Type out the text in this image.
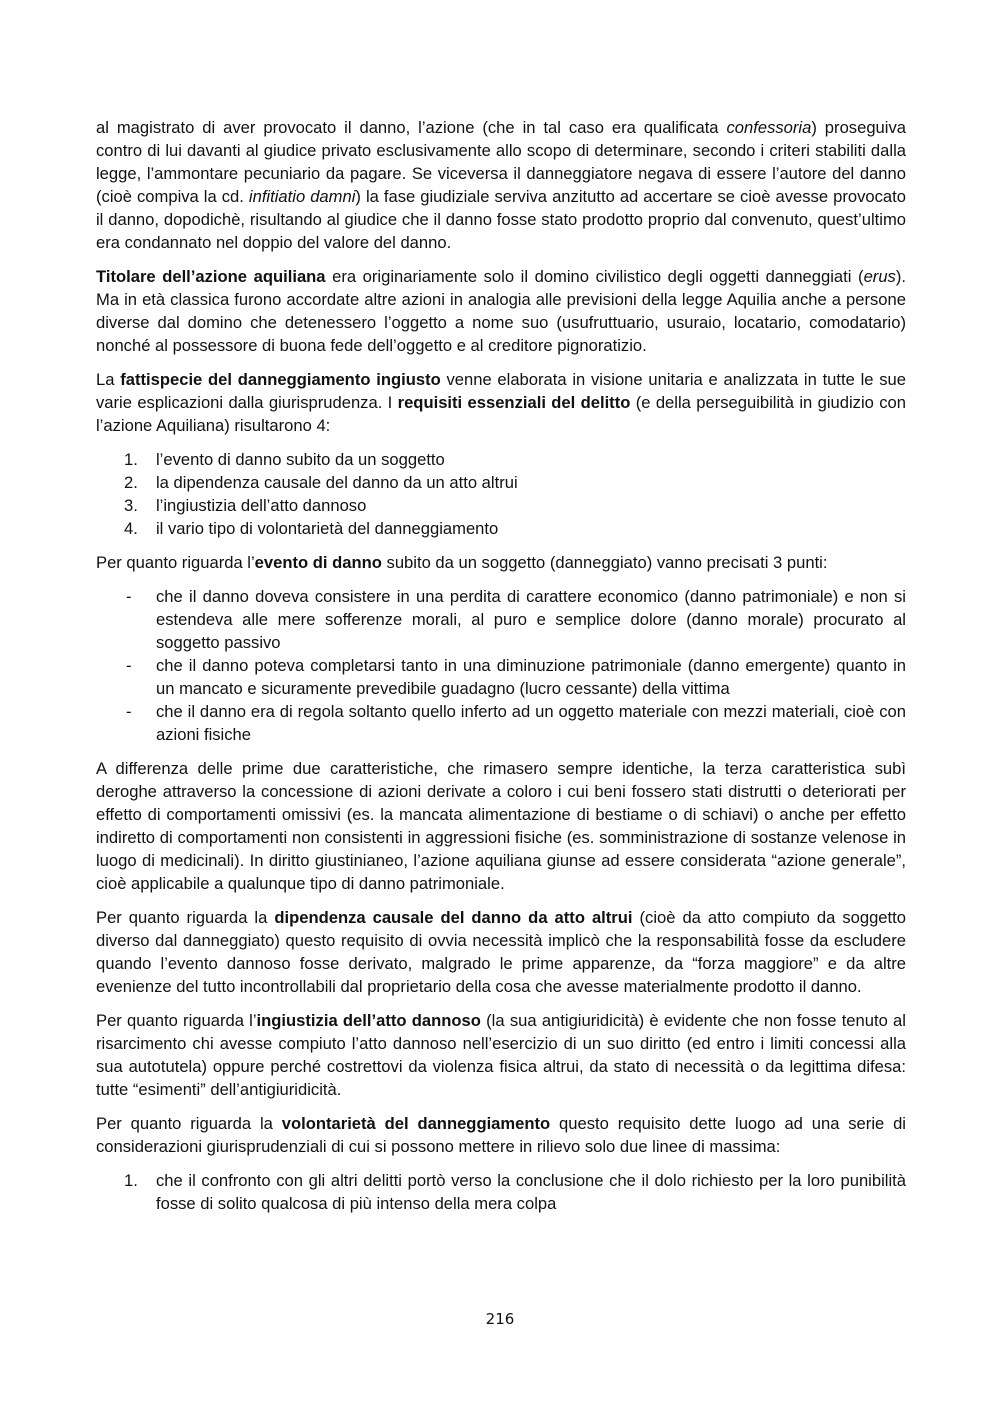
al magistrato di aver provocato il danno, l’azione (che in tal caso era qualificata confessoria) proseguiva contro di lui davanti al giudice privato esclusivamente allo scopo di determinare, secondo i criteri stabiliti dalla legge, l’ammontare pecuniario da pagare. Se viceversa il danneggiatore negava di essere l’autore del danno (cioè compiva la cd. infitiatio damni) la fase giudiziale serviva anzitutto ad accertare se cioè avesse provocato il danno, dopodichè, risultando al giudice che il danno fosse stato prodotto proprio dal convenuto, quest’ultimo era condannato nel doppio del valore del danno.

Titolare dell’azione aquiliana era originariamente solo il domino civilistico degli oggetti danneggiati (erus). Ma in età classica furono accordate altre azioni in analogia alle previsioni della legge Aquilia anche a persone diverse dal domino che detenessero l’oggetto a nome suo (usufruttuario, usuraio, locatario, comodatario) nonché al possessore di buona fede dell’oggetto e al creditore pignoratizio.

La fattispecie del danneggiamento ingiusto venne elaborata in visione unitaria e analizzata in tutte le sue varie esplicazioni dalla giurisprudenza. I requisiti essenziali del delitto (e della perseguibilità in giudizio con l’azione Aquiliana) risultarono 4:

1. l’evento di danno subito da un soggetto
2. la dipendenza causale del danno da un atto altrui
3. l’ingiustizia dell’atto dannoso
4. il vario tipo di volontarietà del danneggiamento

Per quanto riguarda l’evento di danno subito da un soggetto (danneggiato) vanno precisati 3 punti:

- che il danno doveva consistere in una perdita di carattere economico (danno patrimoniale) e non si estendeva alle mere sofferenze morali, al puro e semplice dolore (danno morale) procurato al soggetto passivo
- che il danno poteva completarsi tanto in una diminuzione patrimoniale (danno emergente) quanto in un mancato e sicuramente prevedibile guadagno (lucro cessante) della vittima
- che il danno era di regola soltanto quello inferto ad un oggetto materiale con mezzi materiali, cioè con azioni fisiche

A differenza delle prime due caratteristiche, che rimasero sempre identiche, la terza caratteristica subì deroghe attraverso la concessione di azioni derivate a coloro i cui beni fossero stati distrutti o deteriorati per effetto di comportamenti omissivi (es. la mancata alimentazione di bestiame o di schiavi) o anche per effetto indiretto di comportamenti non consistenti in aggressioni fisiche (es. somministrazione di sostanze velenose in luogo di medicinali). In diritto giustinianeo, l’azione aquiliana giunse ad essere considerata “azione generale”, cioè applicabile a qualunque tipo di danno patrimoniale.

Per quanto riguarda la dipendenza causale del danno da atto altrui (cioè da atto compiuto da soggetto diverso dal danneggiato) questo requisito di ovvia necessità implicò che la responsabilità fosse da escludere quando l’evento dannoso fosse derivato, malgrado le prime apparenze, da “forza maggiore” e da altre evenienze del tutto incontrollabili dal proprietario della cosa che avesse materialmente prodotto il danno.

Per quanto riguarda l’ingiustizia dell’atto dannoso (la sua antigiuridicità) è evidente che non fosse tenuto al risarcimento chi avesse compiuto l’atto dannoso nell’esercizio di un suo diritto (ed entro i limiti concessi alla sua autotutela) oppure perché costrettovi da violenza fisica altrui, da stato di necessità o da legittima difesa: tutte “esimenti” dell’antigiuridicità.

Per quanto riguarda la volontarietà del danneggiamento questo requisito dette luogo ad una serie di considerazioni giurisprudenziali di cui si possono mettere in rilievo solo due linee di massima:

1. che il confronto con gli altri delitti portò verso la conclusione che il dolo richiesto per la loro punibilità fosse di solito qualcosa di più intenso della mera colpa
216
